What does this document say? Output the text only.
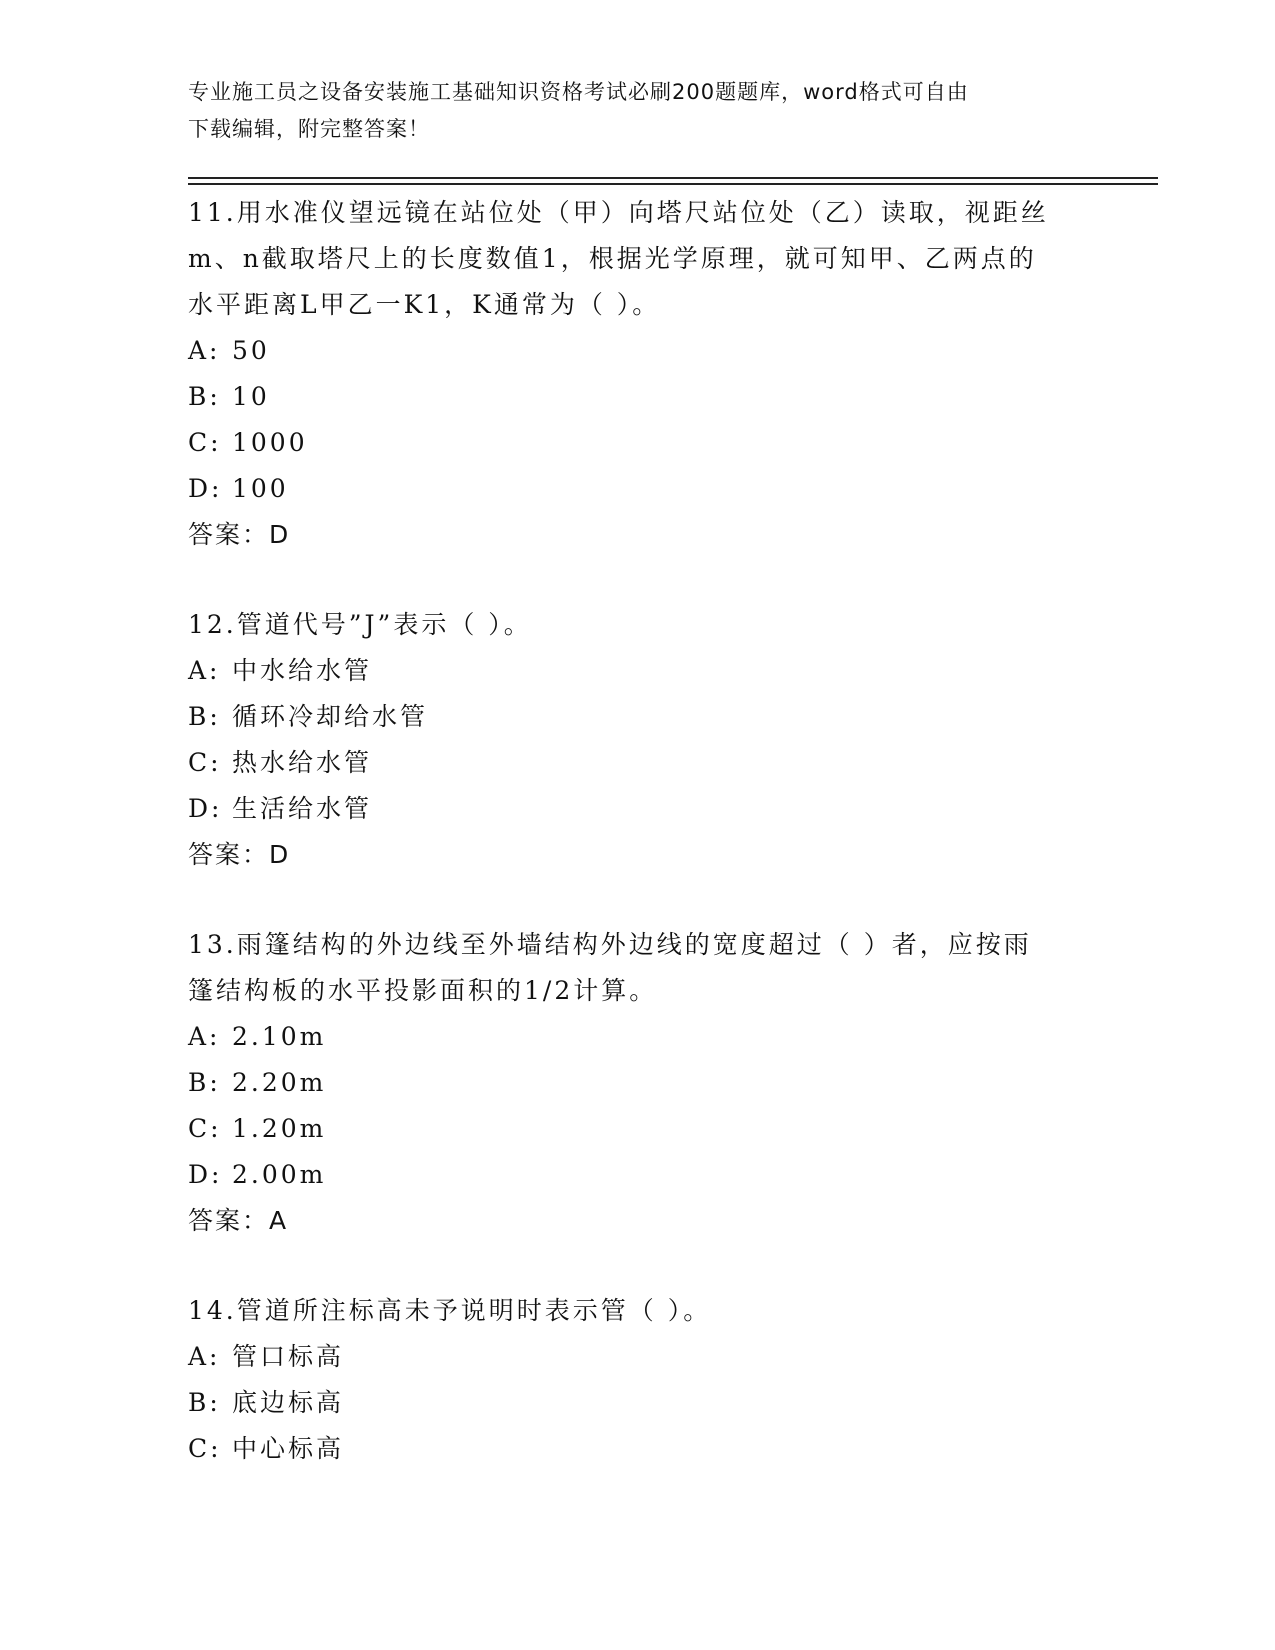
专业施工员之设备安装施工基础知识资格考试必刷200题题库，word格式可自由
下载编辑，附完整答案！
11.用水准仪望远镜在站位处（甲）向塔尺站位处（乙）读取，视距丝
m、n截取塔尺上的长度数值1，根据光学原理，就可知甲、乙两点的
水平距离L甲乙一K1，K通常为（ ）。
A: 50
B: 10
C: 1000
D: 100
答案：D
12.管道代号”J”表示（ ）。
A: 中水给水管
B: 循环冷却给水管
C: 热水给水管
D: 生活给水管
答案：D
13.雨篷结构的外边线至外墙结构外边线的宽度超过（ ）者，应按雨
篷结构板的水平投影面积的1/2计算。
A: 2.10m
B: 2.20m
C: 1.20m
D: 2.00m
答案：A
14.管道所注标高未予说明时表示管（ ）。
A: 管口标高
B: 底边标高
C: 中心标高
